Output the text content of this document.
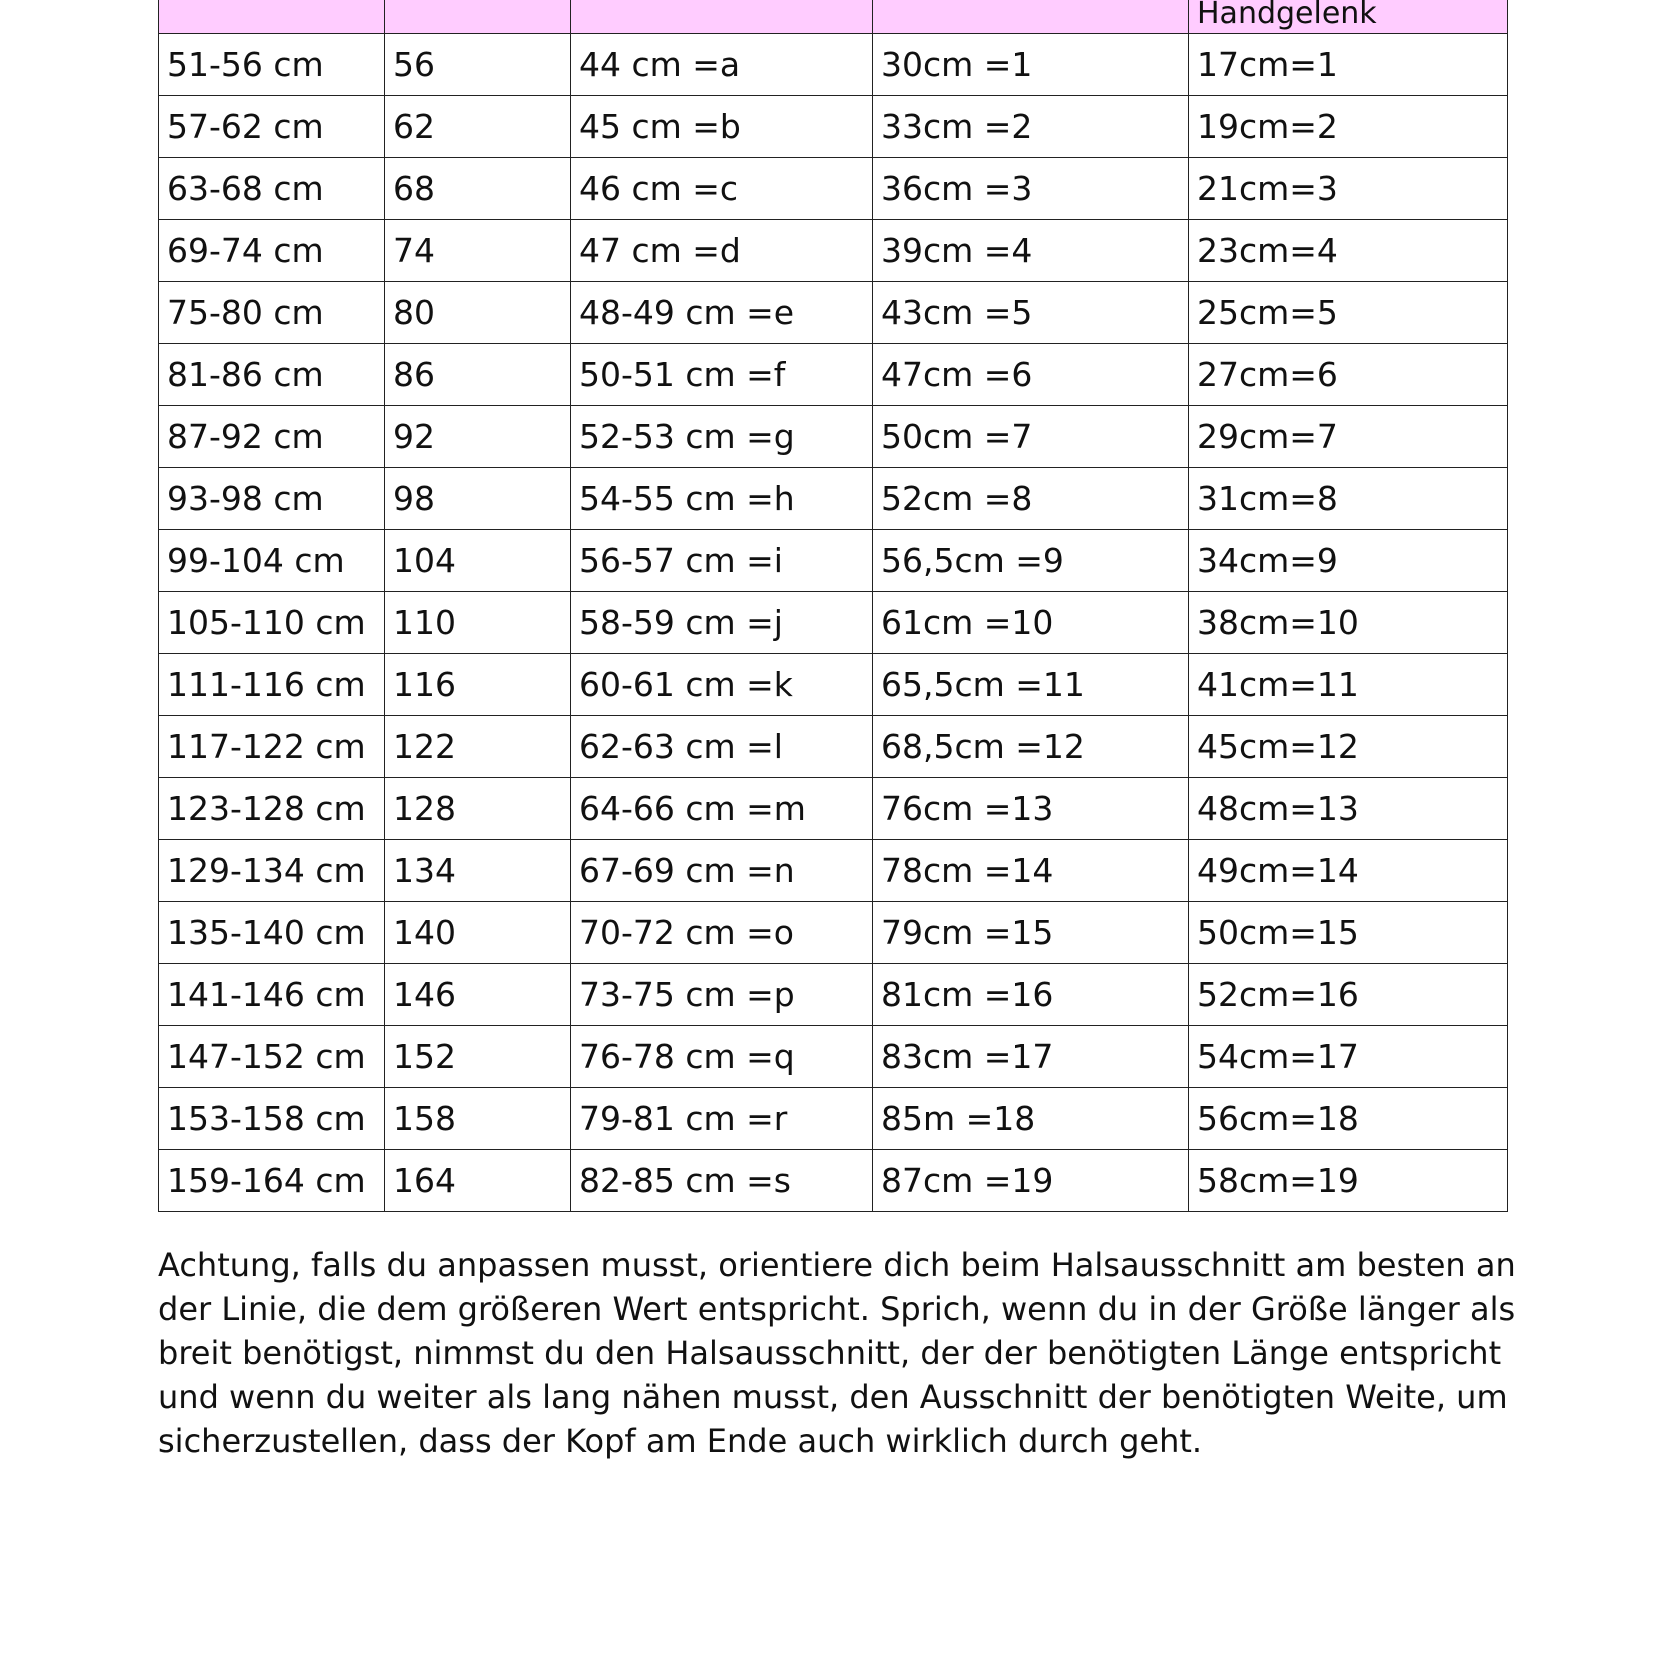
				Handgelenk

51-56 cm	56	44 cm =a	30cm =1	17cm=1
57-62 cm	62	45 cm =b	33cm =2	19cm=2
63-68 cm	68	46 cm =c	36cm =3	21cm=3
69-74 cm	74	47 cm =d	39cm =4	23cm=4
75-80 cm	80	48-49 cm =e	43cm =5	25cm=5
81-86 cm	86	50-51 cm =f	47cm =6	27cm=6
87-92 cm	92	52-53 cm =g	50cm =7	29cm=7
93-98 cm	98	54-55 cm =h	52cm =8	31cm=8
99-104 cm	104	56-57 cm =i	56,5cm =9	34cm=9
105-110 cm	110	58-59 cm =j	61cm =10	38cm=10
111-116 cm	116	60-61 cm =k	65,5cm =11	41cm=11
117-122 cm	122	62-63 cm =l	68,5cm =12	45cm=12
123-128 cm	128	64-66 cm =m	76cm =13	48cm=13
129-134 cm	134	67-69 cm =n	78cm =14	49cm=14
135-140 cm	140	70-72 cm =o	79cm =15	50cm=15
141-146 cm	146	73-75 cm =p	81cm =16	52cm=16
147-152 cm	152	76-78 cm =q	83cm =17	54cm=17
153-158 cm	158	79-81 cm =r	85m =18	56cm=18
159-164 cm	164	82-85 cm =s	87cm =19	58cm=19

Achtung, falls du anpassen musst, orientiere dich beim Halsausschnitt am besten an der Linie, die dem größeren Wert entspricht. Sprich, wenn du in der Größe länger als breit benötigst, nimmst du den Halsausschnitt, der der benötigten Länge entspricht und wenn du weiter als lang nähen musst, den Ausschnitt der benötigten Weite, um sicherzustellen, dass der Kopf am Ende auch wirklich durch geht.
